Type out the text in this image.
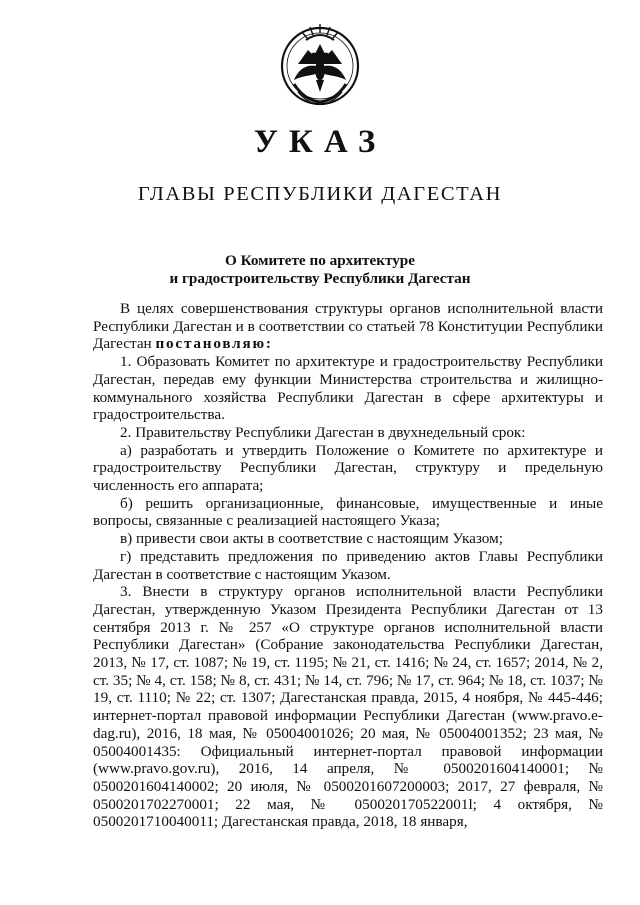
УКАЗ
ГЛАВЫ РЕСПУБЛИКИ ДАГЕСТАН
О Комитете по архитектуре
и градостроительству Республики Дагестан

В целях совершенствования структуры органов исполнительной власти Республики Дагестан и в соответствии со статьей 78 Конституции Республики Дагестан постановляю:

1. Образовать Комитет по архитектуре и градостроительству Республики Дагестан, передав ему функции Министерства строительства и жилищно-коммунального хозяйства Республики Дагестан в сфере архитектуры и градостроительства.

2. Правительству Республики Дагестан в двухнедельный срок:

а) разработать и утвердить Положение о Комитете по архитектуре и градостроительству Республики Дагестан, структуру и предельную численность его аппарата;

б) решить организационные, финансовые, имущественные и иные вопросы, связанные с реализацией настоящего Указа;

в) привести свои акты в соответствие с настоящим Указом;

г) представить предложения по приведению актов Главы Республики Дагестан в соответствие с настоящим Указом.

3. Внести в структуру органов исполнительной власти Республики Дагестан, утвержденную Указом Президента Республики Дагестан от 13 сентября 2013 г. № 257 «О структуре органов исполнительной власти Республики Дагестан» (Собрание законодательства Республики Дагестан, 2013, № 17, ст. 1087; № 19, ст. 1195; № 21, ст. 1416; № 24, ст. 1657; 2014, № 2, ст. 35; № 4, ст. 158; № 8, ст. 431; № 14, ст. 796; № 17, ст. 964; № 18, ст. 1037; № 19, ст. 1110; № 22; ст. 1307; Дагестанская правда, 2015, 4 ноября, № 445-446; интернет-портал правовой информации Республики Дагестан (www.pravo.e-dag.ru), 2016, 18 мая, № 05004001026; 20 мая, № 05004001352; 23 мая, № 05004001435: Официальный интернет-портал правовой информации (www.pravo.gov.ru), 2016, 14 апреля, № 0500201604140001; № 0500201604140002; 20 июля, № 0500201607200003; 2017, 27 февраля, № 0500201702270001; 22 мая, № 050020170522001l; 4 октября, № 0500201710040011; Дагестанская правда, 2018, 18 января,
